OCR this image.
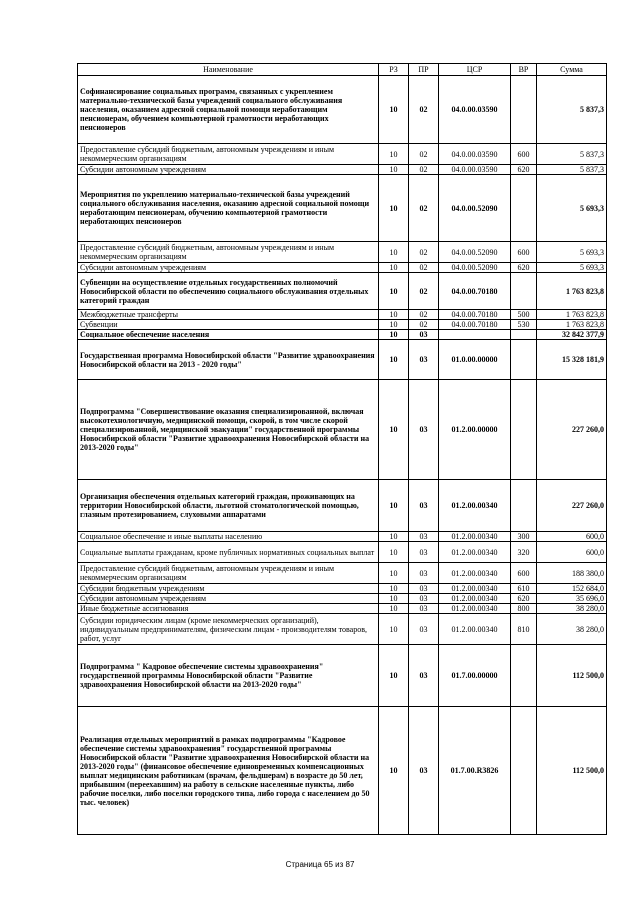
Наименование	РЗ	ПР	ЦСР	ВР	Сумма
Софинансирование социальных программ, связанных с укреплением материально-технической базы учреждений социального обслуживания населения, оказанием адресной социальной помощи неработающим пенсионерам, обучением компьютерной грамотности неработающих пенсионеров	10	02	04.0.00.03590		5 837,3
Предоставление субсидий бюджетным, автономным учреждениям и иным некоммерческим организациям	10	02	04.0.00.03590	600	5 837,3
Субсидии автономным учреждениям	10	02	04.0.00.03590	620	5 837,3
Мероприятия по укреплению материально-технической базы учреждений социального обслуживания населения, оказанию адресной социальной помощи неработающим пенсионерам, обучению компьютерной грамотности неработающих пенсионеров	10	02	04.0.00.52090		5 693,3
Предоставление субсидий бюджетным, автономным учреждениям и иным некоммерческим организациям	10	02	04.0.00.52090	600	5 693,3
Субсидии автономным учреждениям	10	02	04.0.00.52090	620	5 693,3
Субвенции на осуществление отдельных государственных полномочий Новосибирской области по обеспечению социального обслуживания отдельных категорий граждан	10	02	04.0.00.70180		1 763 823,8
Межбюджетные трансферты	10	02	04.0.00.70180	500	1 763 823,8
Субвенции	10	02	04.0.00.70180	530	1 763 823,8
Социальное обеспечение населения	10	03			32 842 377,9
Государственная программа Новосибирской области "Развитие здравоохранения Новосибирской области на 2013 - 2020 годы"	10	03	01.0.00.00000		15 328 181,9
Подпрограмма "Совершенствование оказания специализированной, включая высокотехнологичную, медицинской помощи, скорой, в том числе скорой специализированной, медицинской эвакуации" государственной программы Новосибирской области "Развитие здравоохранения Новосибирской области на 2013-2020 годы"	10	03	01.2.00.00000		227 260,0
Организация обеспечения отдельных категорий граждан, проживающих на территории Новосибирской области, льготной стоматологической помощью, глазным протезированием, слуховыми аппаратами	10	03	01.2.00.00340		227 260,0
Социальное обеспечение и иные выплаты населению	10	03	01.2.00.00340	300	600,0
Социальные выплаты гражданам, кроме публичных нормативных социальных выплат	10	03	01.2.00.00340	320	600,0
Предоставление субсидий бюджетным, автономным учреждениям и иным некоммерческим организациям	10	03	01.2.00.00340	600	188 380,0
Субсидии бюджетным учреждениям	10	03	01.2.00.00340	610	152 684,0
Субсидии автономным учреждениям	10	03	01.2.00.00340	620	35 696,0
Иные бюджетные ассигнования	10	03	01.2.00.00340	800	38 280,0
Субсидии юридическим лицам (кроме некоммерческих организаций), индивидуальным предпринимателям, физическим лицам - производителям товаров, работ, услуг	10	03	01.2.00.00340	810	38 280,0
Подпрограмма " Кадровое обеспечение системы здравоохранения" государственной программы Новосибирской области "Развитие здравоохранения Новосибирской области на 2013-2020 годы"	10	03	01.7.00.00000		112 500,0
Реализация отдельных мероприятий в рамках подпрограммы "Кадровое обеспечение системы здравоохранения" государственной программы Новосибирской области "Развитие здравоохранения Новосибирской области на 2013-2020 годы" (финансовое обеспечение единовременных компенсационных выплат медицинским работникам (врачам, фельдшерам) в возрасте до 50 лет, прибывшим (переехавшим) на работу в сельские населенные пункты, либо рабочие поселки, либо поселки городского типа, либо города с населением до 50 тыс. человек)	10	03	01.7.00.R3826		112 500,0
Страница 65 из 87
